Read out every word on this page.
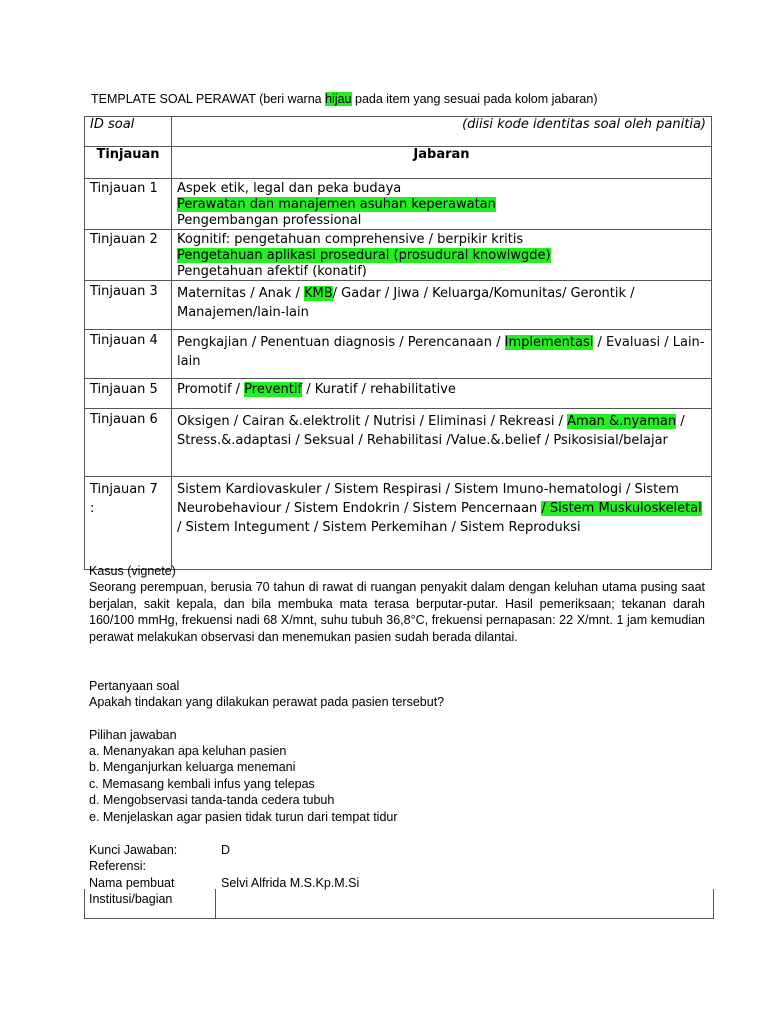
TEMPLATE SOAL PERAWAT (beri warna hijau pada item yang sesuai pada kolom jabaran)
ID soal	(diisi kode identitas soal oleh panitia)
Tinjauan	Jabaran
Tinjauan 1	Aspek etik, legal dan peka budaya
Perawatan dan manajemen asuhan keperawatan
Pengembangan professional

Tinjauan 2	Kognitif: pengetahuan comprehensive / berpikir kritis
Pengetahuan aplikasi prosedural (prosudural knowlwgde)
Pengetahuan afektif (konatif)

Tinjauan 3	Maternitas / Anak / KMB/ Gadar / Jiwa / Keluarga/Komunitas/ Gerontik / Manajemen/lain-lain
Tinjauan 4	Pengkajian / Penentuan diagnosis / Perencanaan / Implementasi / Evaluasi / Lain-lain
Tinjauan 5	Promotif / Preventif / Kuratif / rehabilitative
Tinjauan 6	Oksigen / Cairan &.elektrolit / Nutrisi / Eliminasi / Rekreasi / Aman &.nyaman / Stress.&.adaptasi / Seksual / Rehabilitasi /Value.&.belief / Psikosisial/belajar
Tinjauan 7 :	Sistem Kardiovaskuler / Sistem Respirasi / Sistem Imuno-hematologi / Sistem Neurobehaviour / Sistem Endokrin / Sistem Pencernaan / Sistem Muskuloskeletal / Sistem Integument / Sistem Perkemihan / Sistem Reproduksi
Kasus (vignete)
Seorang perempuan, berusia 70 tahun di rawat di ruangan penyakit dalam dengan keluhan utama pusing saat berjalan, sakit kepala, dan bila membuka mata terasa berputar-putar. Hasil pemeriksaan; tekanan darah 160/100 mmHg, frekuensi nadi 68 X/mnt, suhu tubuh 36,8°C, frekuensi pernapasan: 22 X/mnt. 1 jam kemudian perawat melakukan observasi dan menemukan pasien sudah berada dilantai.
Pertanyaan soal
Apakah tindakan yang dilakukan perawat pada pasien tersebut?
Pilihan jawaban
a. Menanyakan apa keluhan pasien
b. Menganjurkan keluarga menemani
c. Memasang kembali infus yang telepas
d. Mengobservasi tanda-tanda cedera tubuh
e. Menjelaskan agar pasien tidak turun dari tempat tidur
Kunci Jawaban:	D
Referensi:
Nama pembuat	Selvi Alfrida M.S.Kp.M.Si
Institusi/bagian
